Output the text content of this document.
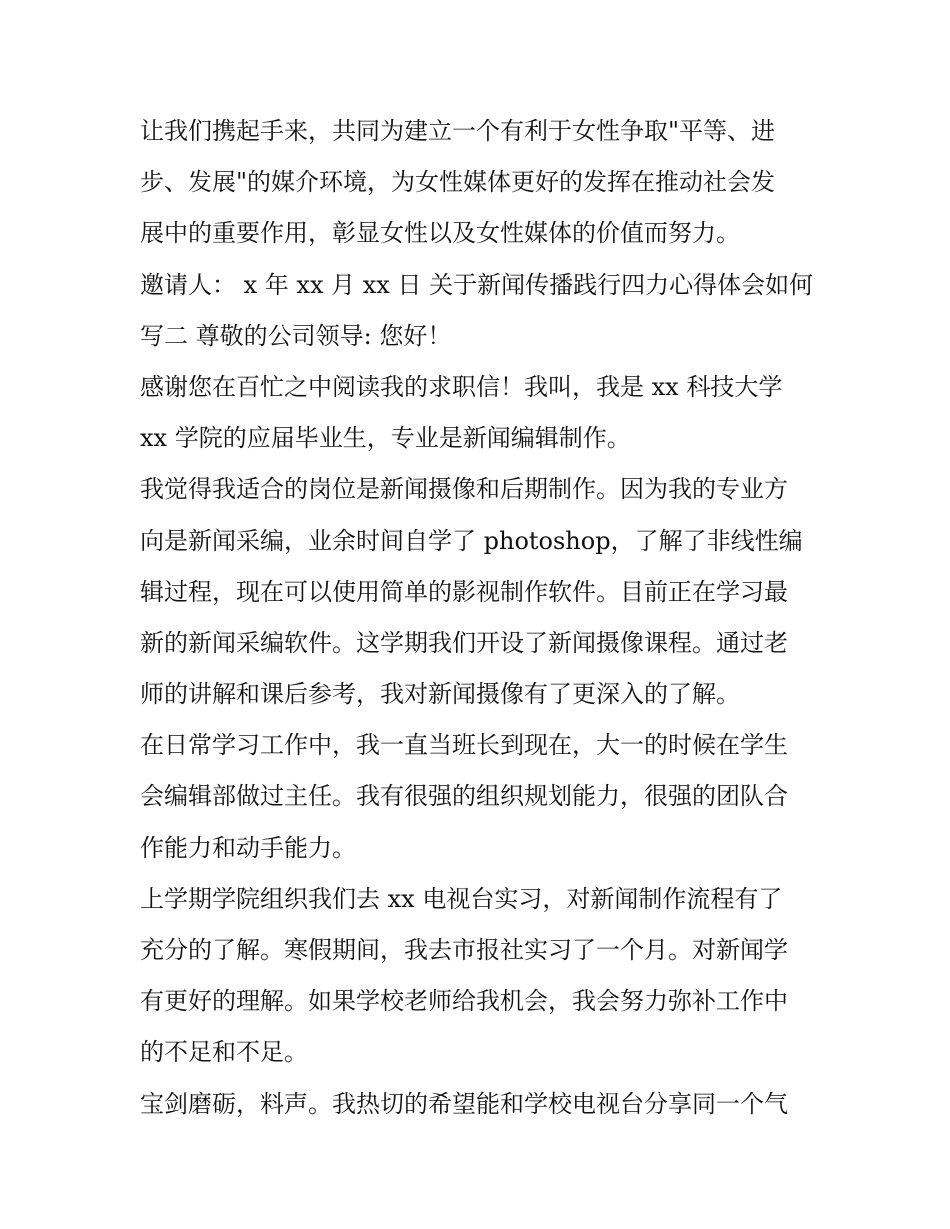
让我们携起手来，共同为建立一个有利于女性争取"平等、进
步、发展"的媒介环境，为女性媒体更好的发挥在推动社会发
展中的重要作用，彰显女性以及女性媒体的价值而努力。
邀请人： x 年 xx 月 xx 日 关于新闻传播践行四力心得体会如何
写二 尊敬的公司领导: 您好！
感谢您在百忙之中阅读我的求职信！我叫，我是 xx 科技大学
xx 学院的应届毕业生，专业是新闻编辑制作。
我觉得我适合的岗位是新闻摄像和后期制作。因为我的专业方
向是新闻采编，业余时间自学了 photoshop，了解了非线性编
辑过程，现在可以使用简单的影视制作软件。目前正在学习最
新的新闻采编软件。这学期我们开设了新闻摄像课程。通过老
师的讲解和课后参考，我对新闻摄像有了更深入的了解。
在日常学习工作中，我一直当班长到现在，大一的时候在学生
会编辑部做过主任。我有很强的组织规划能力，很强的团队合
作能力和动手能力。
上学期学院组织我们去 xx 电视台实习，对新闻制作流程有了
充分的了解。寒假期间，我去市报社实习了一个月。对新闻学
有更好的理解。如果学校老师给我机会，我会努力弥补工作中
的不足和不足。
宝剑磨砺，料声。我热切的希望能和学校电视台分享同一个气
